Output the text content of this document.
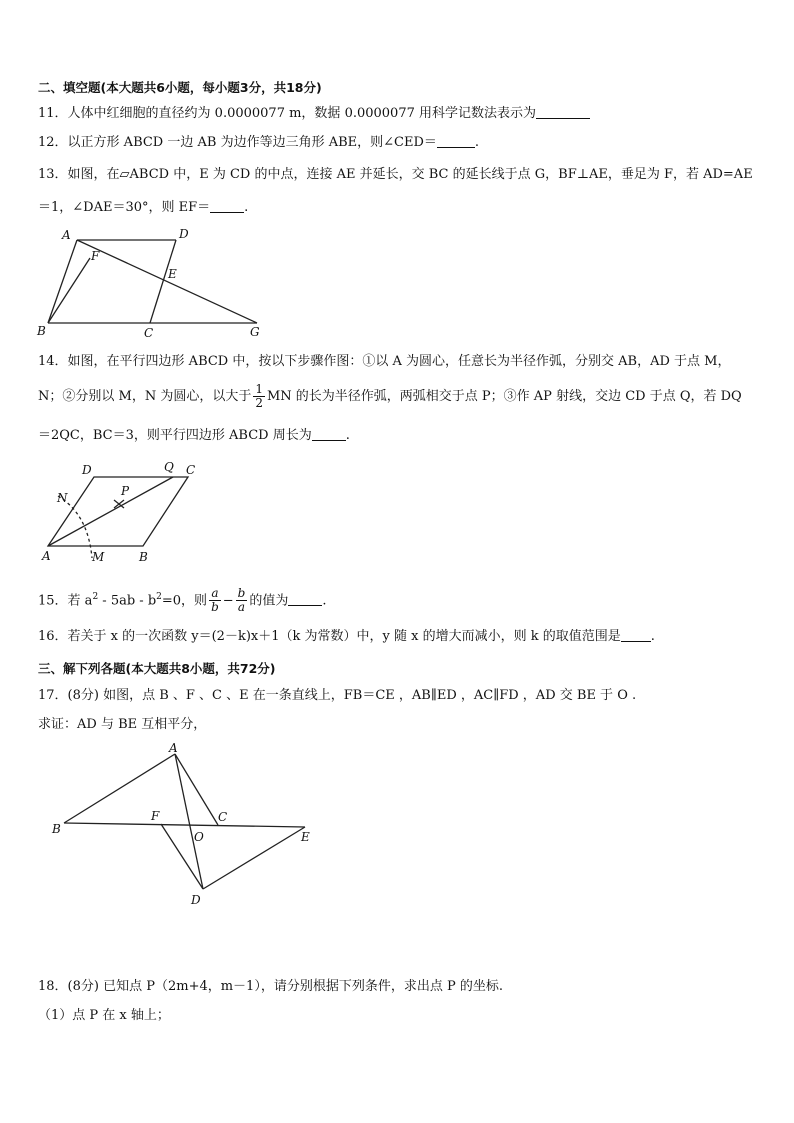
二、填空题(本大题共6小题，每小题3分，共18分)
11．人体中红细胞的直径约为 0.0000077 m，数据 0.0000077 用科学记数法表示为
12．以正方形 ABCD 一边 AB 为边作等边三角形 ABE，则∠CED＝	.
13．如图，在▱ABCD 中，E 为 CD 的中点，连接 AE 并延长，交 BC 的延长线于点 G，BF⊥AE，垂足为 F，若 AD=AE
＝1，∠DAE＝30°，则 EF＝	.
A	D
F
E
B	C	G
14．如图，在平行四边形 ABCD 中，按以下步骤作图：①以 A 为圆心，任意长为半径作弧，分别交 AB，AD 于点 M，
N；②分别以 M，N 为圆心，以大于 $\frac{1}{2}$ MN 的长为半径作弧，两弧相交于点 P；③作 AP 射线，交边 CD 于点 Q，若 DQ
＝2QC，BC＝3，则平行四边形 ABCD 周长为	.
D	Q C
N	P
A	M	B
15．若 $a^2 - 5ab - b^2=0$，则 $\frac{a}{b} - \frac{b}{a}$ 的值为	.
16．若关于 x 的一次函数 y＝(2－k)x＋1（k 为常数）中，y 随 x 的增大而减小，则 k 的取值范围是 .
三、解下列各题(本大题共8小题，共72分)
17．(8分) 如图，点 B 、F 、C 、E 在一条直线上，FB＝CE ，AB∥ED ，AC∥FD ，AD 交 BE 于 O .
求证：AD 与 BE 互相平分，
A
B
F	C
O	E
D
18．(8分) 已知点 P（2m+4，m－1），请分别根据下列条件，求出点 P 的坐标.
（1）点 P 在 x 轴上；
